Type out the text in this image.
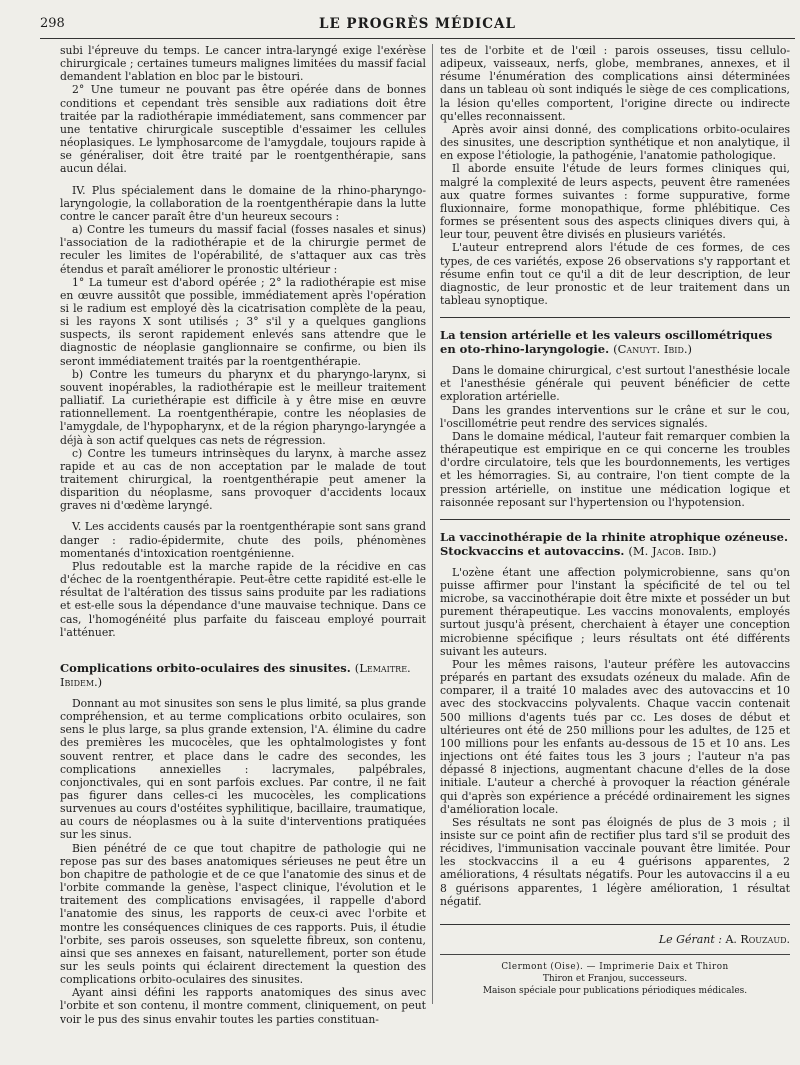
298	LE PROGRÈS MÉDICAL

subi l'épreuve du temps. Le cancer intra-laryngé exige l'exérèse chirurgicale ; certaines tumeurs malignes limitées du massif facial demandent l'ablation en bloc par le bistouri.

2° Une tumeur ne pouvant pas être opérée dans de bonnes conditions et cependant très sensible aux radiations doit être traitée par la radiothérapie immédiatement, sans commencer par une tentative chirurgicale susceptible d'essaimer les cellules néoplasiques. Le lymphosarcome de l'amygdale, toujours rapide à se généraliser, doit être traité par le roentgenthérapie, sans aucun délai.

IV. Plus spécialement dans le domaine de la rhino-pharyngo-laryngologie, la collaboration de la roentgenthérapie dans la lutte contre le cancer paraît être d'un heureux secours :

a) Contre les tumeurs du massif facial (fosses nasales et sinus) l'association de la radiothérapie et de la chirurgie permet de reculer les limites de l'opérabilité, de s'attaquer aux cas très étendus et paraît améliorer le pronostic ultérieur :

1° La tumeur est d'abord opérée ; 2° la radiothérapie est mise en œuvre aussitôt que possible, immédiatement après l'opération si le radium est employé dès la cicatrisation complète de la peau, si les rayons X sont utilisés ; 3° s'il y a quelques ganglions suspects, ils seront rapidement enlevés sans attendre que le diagnostic de néoplasie ganglionnaire se confirme, ou bien ils seront immédiatement traités par la roentgenthérapie.

b) Contre les tumeurs du pharynx et du pharyngo-larynx, si souvent inopérables, la radiothérapie est le meilleur traitement palliatif. La curiethérapie est difficile à y être mise en œuvre rationnellement. La roentgenthérapie, contre les néoplasies de l'amygdale, de l'hypopharynx, et de la région pharyngo-laryngée a déjà à son actif quelques cas nets de régression.

c) Contre les tumeurs intrinsèques du larynx, à marche assez rapide et au cas de non acceptation par le malade de tout traitement chirurgical, la roentgenthérapie peut amener la disparition du néoplasme, sans provoquer d'accidents locaux graves ni d'œdème laryngé.

V. Les accidents causés par la roentgenthérapie sont sans grand danger : radio-épidermite, chute des poils, phénomènes momentanés d'intoxication roentgénienne.

Plus redoutable est la marche rapide de la récidive en cas d'échec de la roentgenthérapie. Peut-être cette rapidité est-elle le résultat de l'altération des tissus sains produite par les radiations et est-elle sous la dépendance d'une mauvaise technique. Dans ce cas, l'homogénéité plus parfaite du faisceau employé pourrait l'atténuer.

Complications orbito-oculaires des sinusites. (Lemaitre. Ibidem.)

Donnant au mot sinusites son sens le plus limité, sa plus grande compréhension, et au terme complications orbito oculaires, son sens le plus large, sa plus grande extension, l'A. élimine du cadre des premières les mucocèles, que les ophtalmologistes y font souvent rentrer, et place dans le cadre des secondes, les complications annexielles : lacrymales, palpébrales, conjonctivales, qui en sont parfois exclues. Par contre, il ne fait pas figurer dans celles-ci les mucocèles, les complications survenues au cours d'ostéites syphilitique, bacillaire, traumatique, au cours de néoplasmes ou à la suite d'interventions pratiquées sur les sinus.

Bien pénétré de ce que tout chapitre de pathologie qui ne repose pas sur des bases anatomiques sérieuses ne peut être un bon chapitre de pathologie et de ce que l'anatomie des sinus et de l'orbite commande la genèse, l'aspect clinique, l'évolution et le traitement des complications envisagées, il rappelle d'abord l'anatomie des sinus, les rapports de ceux-ci avec l'orbite et montre les conséquences cliniques de ces rapports. Puis, il étudie l'orbite, ses parois osseuses, son squelette fibreux, son contenu, ainsi que ses annexes en faisant, naturellement, porter son étude sur les seuls points qui éclairent directement la question des complications orbito-oculaires des sinusites.

Ayant ainsi défini les rapports anatomiques des sinus avec l'orbite et son contenu, il montre comment, cliniquement, on peut voir le pus des sinus envahir toutes les parties constituan-

tes de l'orbite et de l'œil : parois osseuses, tissu cellulo-adipeux, vaisseaux, nerfs, globe, membranes, annexes, et il résume l'énumération des complications ainsi déterminées dans un tableau où sont indiqués le siège de ces complications, la lésion qu'elles comportent, l'origine directe ou indirecte qu'elles reconnaissent.

Après avoir ainsi donné, des complications orbito-oculaires des sinusites, une description synthétique et non analytique, il en expose l'étiologie, la pathogénie, l'anatomie pathologique.

Il aborde ensuite l'étude de leurs formes cliniques qui, malgré la complexité de leurs aspects, peuvent être ramenées aux quatre formes suivantes : forme suppurative, forme fluxionnaire, forme monopathique, forme phlébitique. Ces formes se présentent sous des aspects cliniques divers qui, à leur tour, peuvent être divisés en plusieurs variétés.

L'auteur entreprend alors l'étude de ces formes, de ces types, de ces variétés, expose 26 observations s'y rapportant et résume enfin tout ce qu'il a dit de leur description, de leur diagnostic, de leur pronostic et de leur traitement dans un tableau synoptique.

La tension artérielle et les valeurs oscillométriques en oto-rhino-laryngologie. (Canuyt. Ibid.)

Dans le domaine chirurgical, c'est surtout l'anesthésie locale et l'anesthésie générale qui peuvent bénéficier de cette exploration artérielle.

Dans les grandes interventions sur le crâne et sur le cou, l'oscillométrie peut rendre des services signalés.

Dans le domaine médical, l'auteur fait remarquer combien la thérapeutique est empirique en ce qui concerne les troubles d'ordre circulatoire, tels que les bourdonnements, les vertiges et les hémorragies. Si, au contraire, l'on tient compte de la pression artérielle, on institue une médication logique et raisonnée reposant sur l'hypertension ou l'hypotension.

La vaccinothérapie de la rhinite atrophique ozéneuse. Stockvaccins et autovaccins. (M. Jacob. Ibid.)

L'ozène étant une affection polymicrobienne, sans qu'on puisse affirmer pour l'instant la spécificité de tel ou tel microbe, sa vaccinothérapie doit être mixte et posséder un but purement thérapeutique. Les vaccins monovalents, employés surtout jusqu'à présent, cherchaient à étayer une conception microbienne spécifique ; leurs résultats ont été différents suivant les auteurs.

Pour les mêmes raisons, l'auteur préfère les autovaccins préparés en partant des exsudats ozéneux du malade. Afin de comparer, il a traité 10 malades avec des autovaccins et 10 avec des stockvaccins polyvalents. Chaque vaccin contenait 500 millions d'agents tués par cc. Les doses de début et ultérieures ont été de 250 millions pour les adultes, de 125 et 100 millions pour les enfants au-dessous de 15 et 10 ans. Les injections ont été faites tous les 3 jours ; l'auteur n'a pas dépassé 8 injections, augmentant chacune d'elles de la dose initiale. L'auteur a cherché à provoquer la réaction générale qui d'après son expérience a précédé ordinairement les signes d'amélioration locale.

Ses résultats ne sont pas éloignés de plus de 3 mois ; il insiste sur ce point afin de rectifier plus tard s'il se produit des récidives, l'immunisation vaccinale pouvant être limitée. Pour les stockvaccins il a eu 4 guérisons apparentes, 2 améliorations, 4 résultats négatifs. Pour les autovaccins il a eu 8 guérisons apparentes, 1 légère amélioration, 1 résultat négatif.

Le Gérant : A. Rouzaud.
Clermont (Oise). — Imprimerie Daix et Thiron
Thiron et Franjou, successeurs.
Maison spéciale pour publications périodiques médicales.
